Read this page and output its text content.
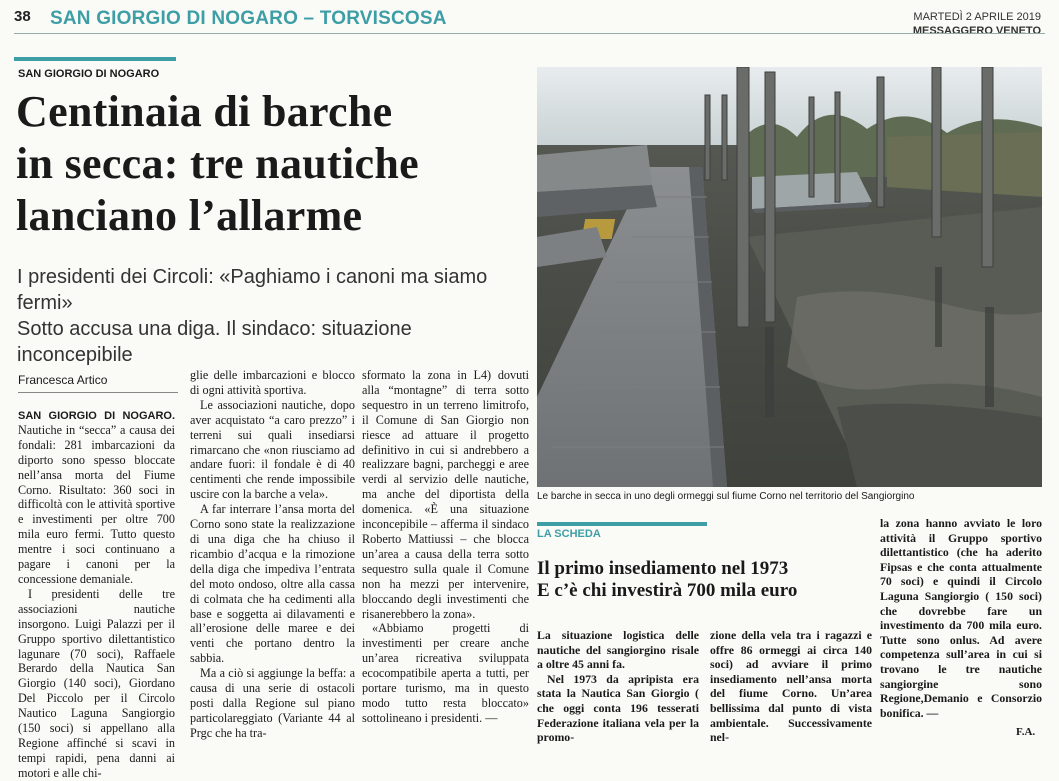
38 SAN GIORGIO DI NOGARO – TORVISCOSA	MARTEDÌ 2 APRILE 2019
MESSAGGERO VENETO
SAN GIORGIO DI NOGARO
Centinaia di barche
in secca: tre nautiche
lanciano l’allarme
I presidenti dei Circoli: «Paghiamo i canoni ma siamo fermi»
Sotto accusa una diga. Il sindaco: situazione inconcepibile
Francesca Artico

SAN GIORGIO DI NOGARO. Nautiche in “secca” a causa dei fondali: 281 imbarcazioni da diporto sono spesso bloccate nell’ansa morta del Fiume Corno. Risultato: 360 soci in difficoltà con le attività sportive e investimenti per oltre 700 mila euro fermi. Tutto questo mentre i soci continuano a pagare i canoni per la concessione demaniale.

I presidenti delle tre associazioni nautiche insorgono. Luigi Palazzi per il Gruppo sportivo dilettantistico lagunare (70 soci), Raffaele Berardo della Nautica San Giorgio (140 soci), Giordano Del Piccolo per il Circolo Nautico Laguna Sangiorgio (150 soci) si appellano alla Regione affinché si scavi in tempi rapidi, pena danni ai motori e alle chi-

glie delle imbarcazioni e blocco di ogni attività sportiva.

Le associazioni nautiche, dopo aver acquistato “a caro prezzo” i terreni sui quali insediarsi rimarcano che «non riusciamo ad andare fuori: il fondale è di 40 centimenti che rende impossibile uscire con la barche a vela».

A far interrare l’ansa morta del Corno sono state la realizzazione di una diga che ha chiuso il ricambio d’acqua e la rimozione della diga che impediva l’entrata del moto ondoso, oltre alla cassa di colmata che ha cedimenti alla base e soggetta ai dilavamenti e all’erosione delle maree e dei venti che portano dentro la sabbia.

Ma a ciò si aggiunge la beffa: a causa di una serie di ostacoli posti dalla Regione sul piano particolareggiato (Variante 44 al Prgc che ha tra-

sformato la zona in L4) dovuti alla “montagne” di terra sotto sequestro in un terreno limitrofo, il Comune di San Giorgio non riesce ad attuare il progetto definitivo in cui si andrebbero a realizzare bagni, parcheggi e aree verdi al servizio delle nautiche, ma anche del diportista della domenica. «È una situazione inconcepibile – afferma il sindaco Roberto Mattiussi – che blocca un’area a causa della terra sotto sequestro sulla quale il Comune non ha mezzi per intervenire, bloccando degli investimenti che risanerebbero la zona».

«Abbiamo progetti di investimenti per creare anche un’area ricreativa sviluppata ecocompatibile aperta a tutti, per portare turismo, ma in questo modo tutto resta bloccato» sottolineano i presidenti. —

Le barche in secca in uno degli ormeggi sul fiume Corno nel territorio del Sangiorgino
LA SCHEDA
Il primo insediamento nel 1973
E c’è chi investirà 700 mila euro

La situazione logistica delle nautiche del sangiorgino risale a oltre 45 anni fa.

Nel 1973 da apripista era stata la Nautica San Giorgio ( che oggi conta 196 tesserati Federazione italiana vela per la promo-

zione della vela tra i ragazzi e offre 86 ormeggi ai circa 140 soci) ad avviare il primo insediamento nell’ansa morta del fiume Corno. Un’area bellissima dal punto di vista ambientale. Successivamente nel-

la zona hanno avviato le loro attività il Gruppo sportivo dilettantistico (che ha aderito Fipsas e che conta attualmente 70 soci) e quindi il Circolo Laguna Sangiorgio ( 150 soci) che dovrebbe fare un investimento da 700 mila euro. Tutte sono onlus. Ad avere competenza sull’area in cui si trovano le tre nautiche sangiorgine sono Regione,Demanio e Consorzio bonifica. —

F.A.
